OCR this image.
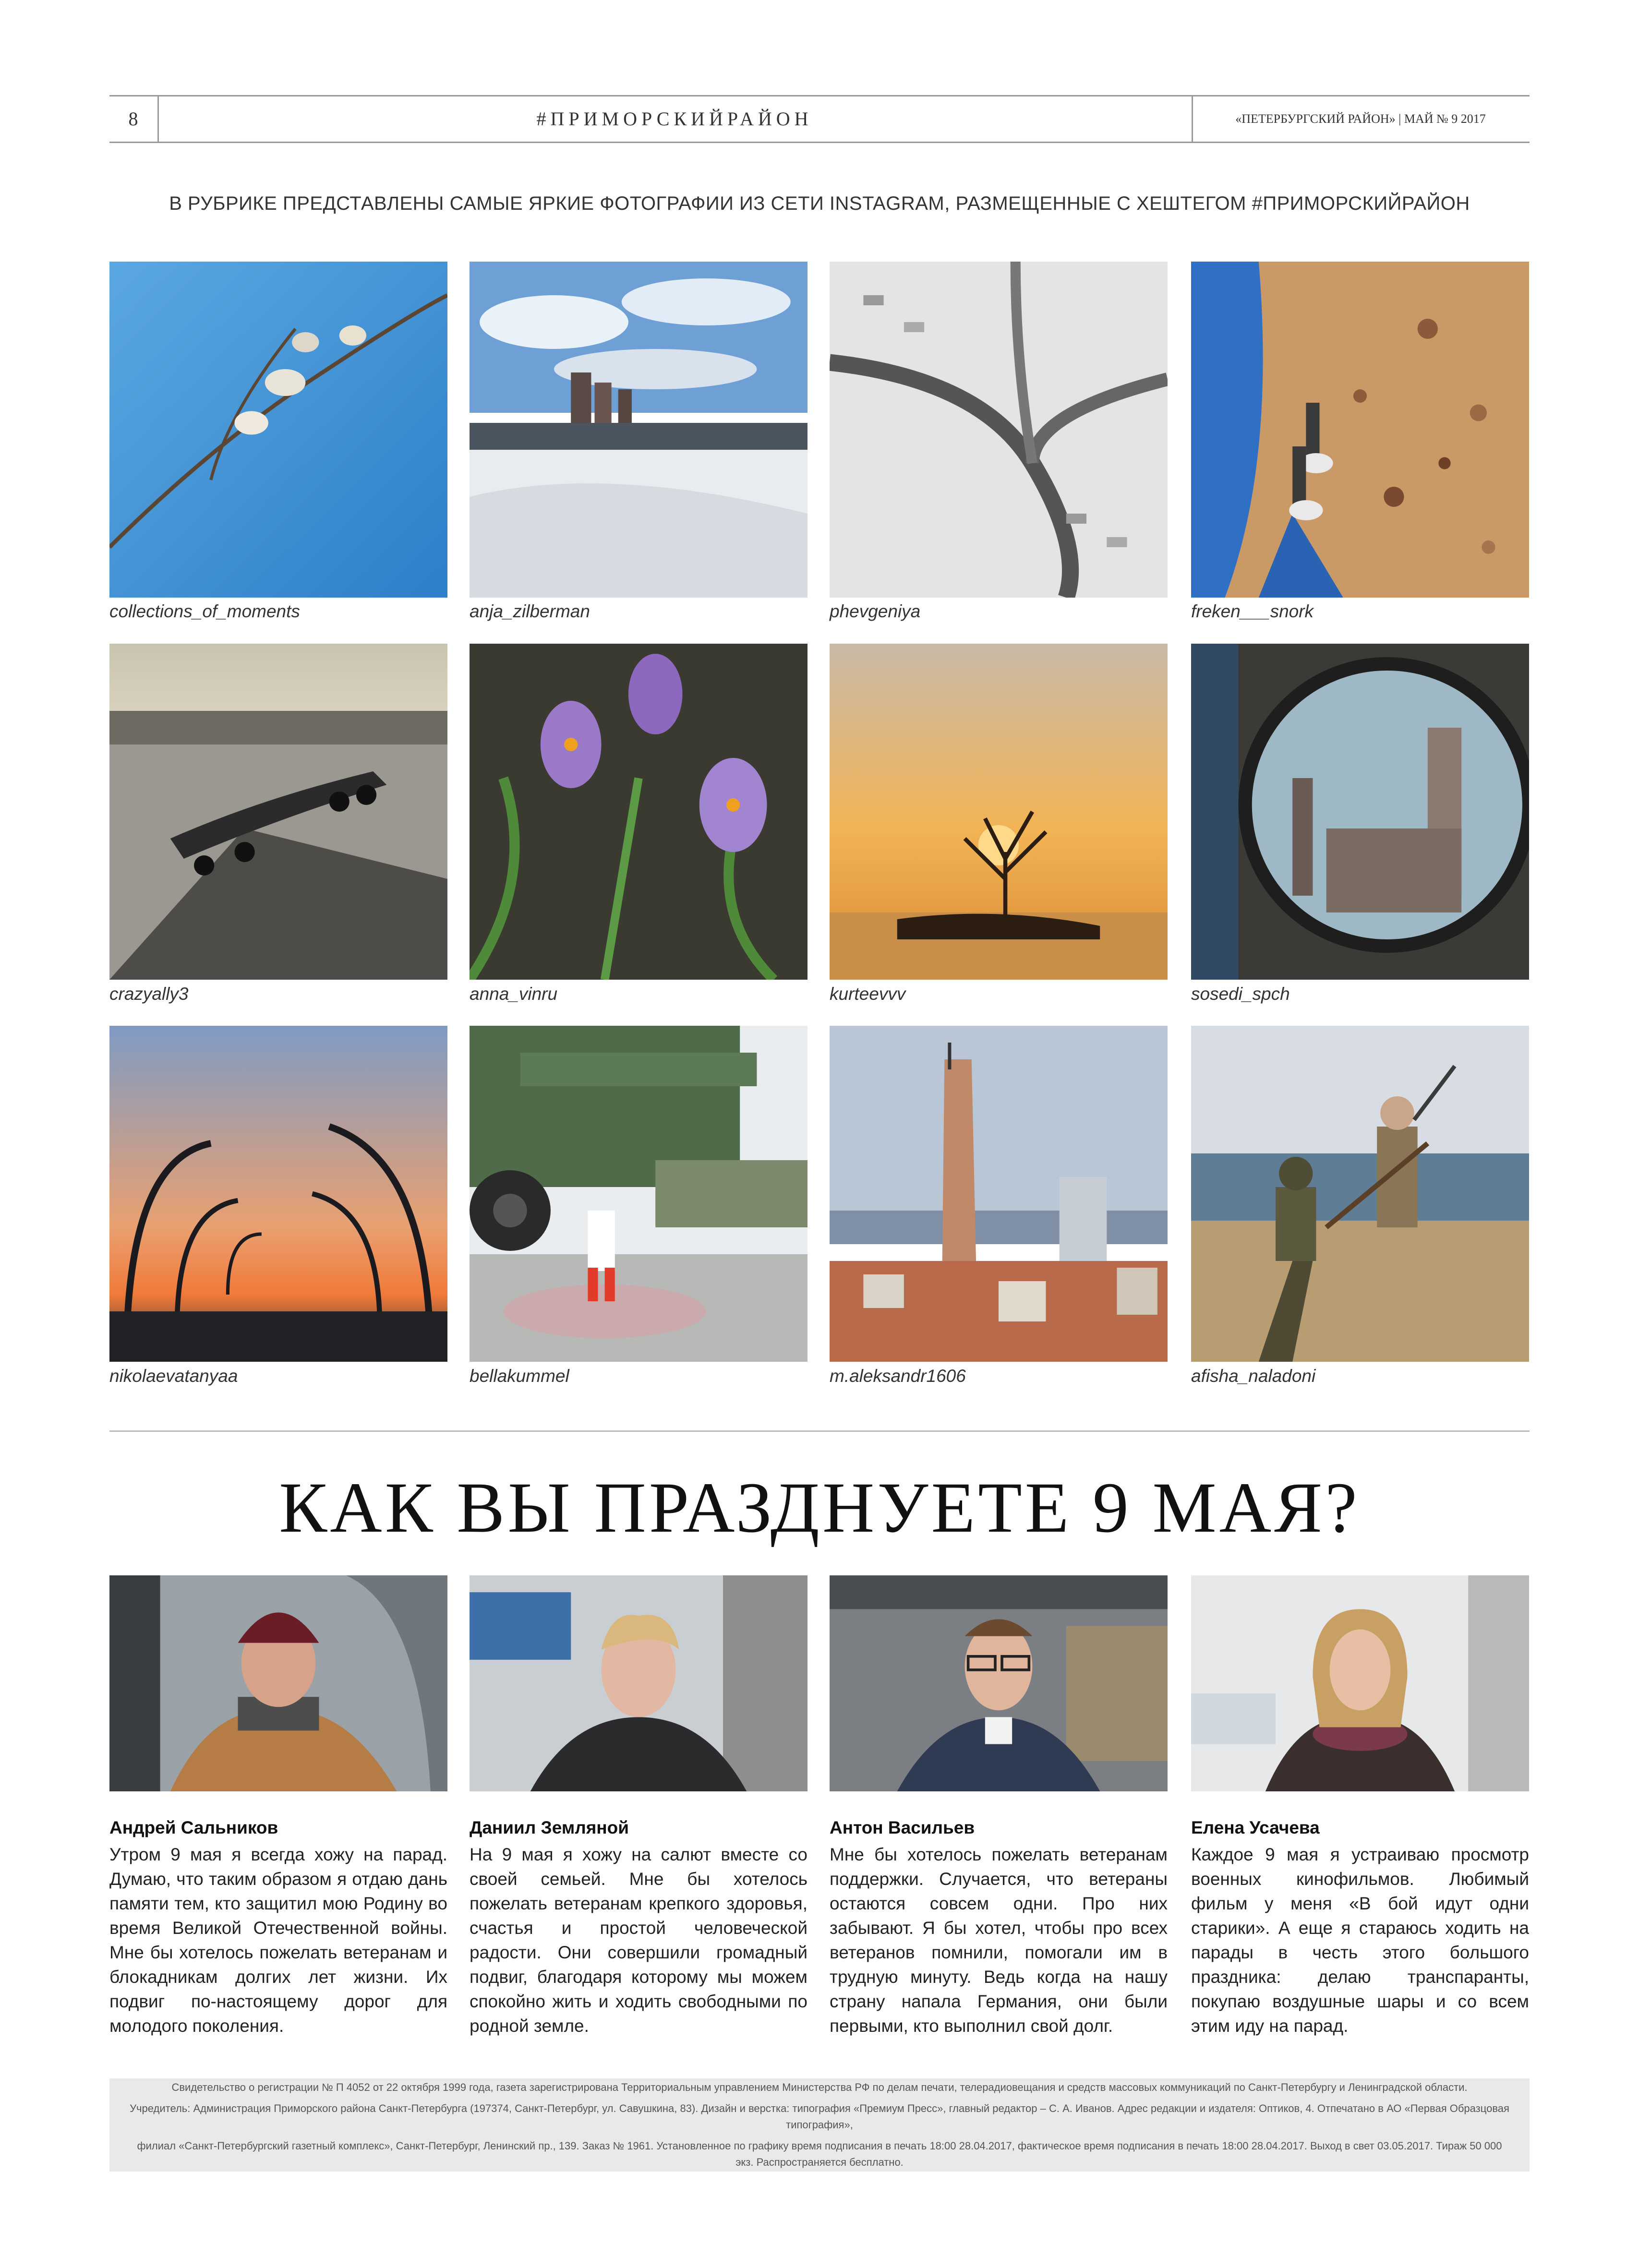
8	#ПРИМОРСКИЙРАЙОН	«ПЕТЕРБУРГСКИЙ РАЙОН» | МАЙ № 9 2017
В РУБРИКЕ ПРЕДСТАВЛЕНЫ САМЫЕ ЯРКИЕ ФОТОГРАФИИ ИЗ СЕТИ INSTAGRAM, РАЗМЕЩЕННЫЕ С ХЕШТЕГОМ #ПРИМОРСКИЙРАЙОН
collections_of_moments	anja_zilberman	phevgeniya	freken___snork
crazyally3	anna_vinru	kurteevvv	sosedi_spch
nikolaevatanyaa	bellakummel	m.aleksandr1606	afisha_naladoni
КАК ВЫ ПРАЗДНУЕТЕ 9 МАЯ?
Андрей Сальников

Утром 9 мая я всегда хожу на парад. Думаю, что таким образом я отдаю дань памяти тем, кто защитил мою Родину во время Великой Отечественной войны. Мне бы хотелось пожелать ветеранам и блокадникам долгих лет жизни. Их подвиг по-настоящему дорог для молодого поколения.

Даниил Земляной

На 9 мая я хожу на салют вместе со своей семьей. Мне бы хотелось пожелать ветеранам крепкого здоровья, счастья и простой человеческой радости. Они совершили громадный подвиг, благодаря которому мы можем спокойно жить и ходить свободными по родной земле.

Антон Васильев

Мне бы хотелось пожелать ветеранам поддержки. Случается, что ветераны остаются совсем одни. Про них забывают. Я бы хотел, чтобы про всех ветеранов помнили, помогали им в трудную минуту. Ведь когда на нашу страну напала Германия, они были первыми, кто выполнил свой долг.

Елена Усачева

Каждое 9 мая я устраиваю просмотр военных кинофильмов. Любимый фильм у меня «В бой идут одни старики». А еще я стараюсь ходить на парады в честь этого большого праздника: делаю транспаранты, покупаю воздушные шары и со всем этим иду на парад.

Свидетельство о регистрации № П 4052 от 22 октября 1999 года, газета зарегистрирована Территориальным управлением Министерства РФ по делам печати, телерадиовещания и средств массовых коммуникаций по Санкт-Петербургу и Ленинградской области.

Учредитель: Администрация Приморского района Санкт-Петербурга (197374, Санкт-Петербург, ул. Савушкина, 83). Дизайн и верстка: типография «Премиум Пресс», главный редактор – С. А. Иванов. Адрес редакции и издателя: Оптиков, 4. Отпечатано в АО «Первая Образцовая типография»,

филиал «Санкт-Петербургский газетный комплекс», Санкт-Петербург, Ленинский пр., 139. Заказ № 1961. Установленное по графику время подписания в печать 18:00 28.04.2017, фактическое время подписания в печать 18:00 28.04.2017. Выход в свет 03.05.2017. Тираж 50 000 экз. Распространяется бесплатно.
